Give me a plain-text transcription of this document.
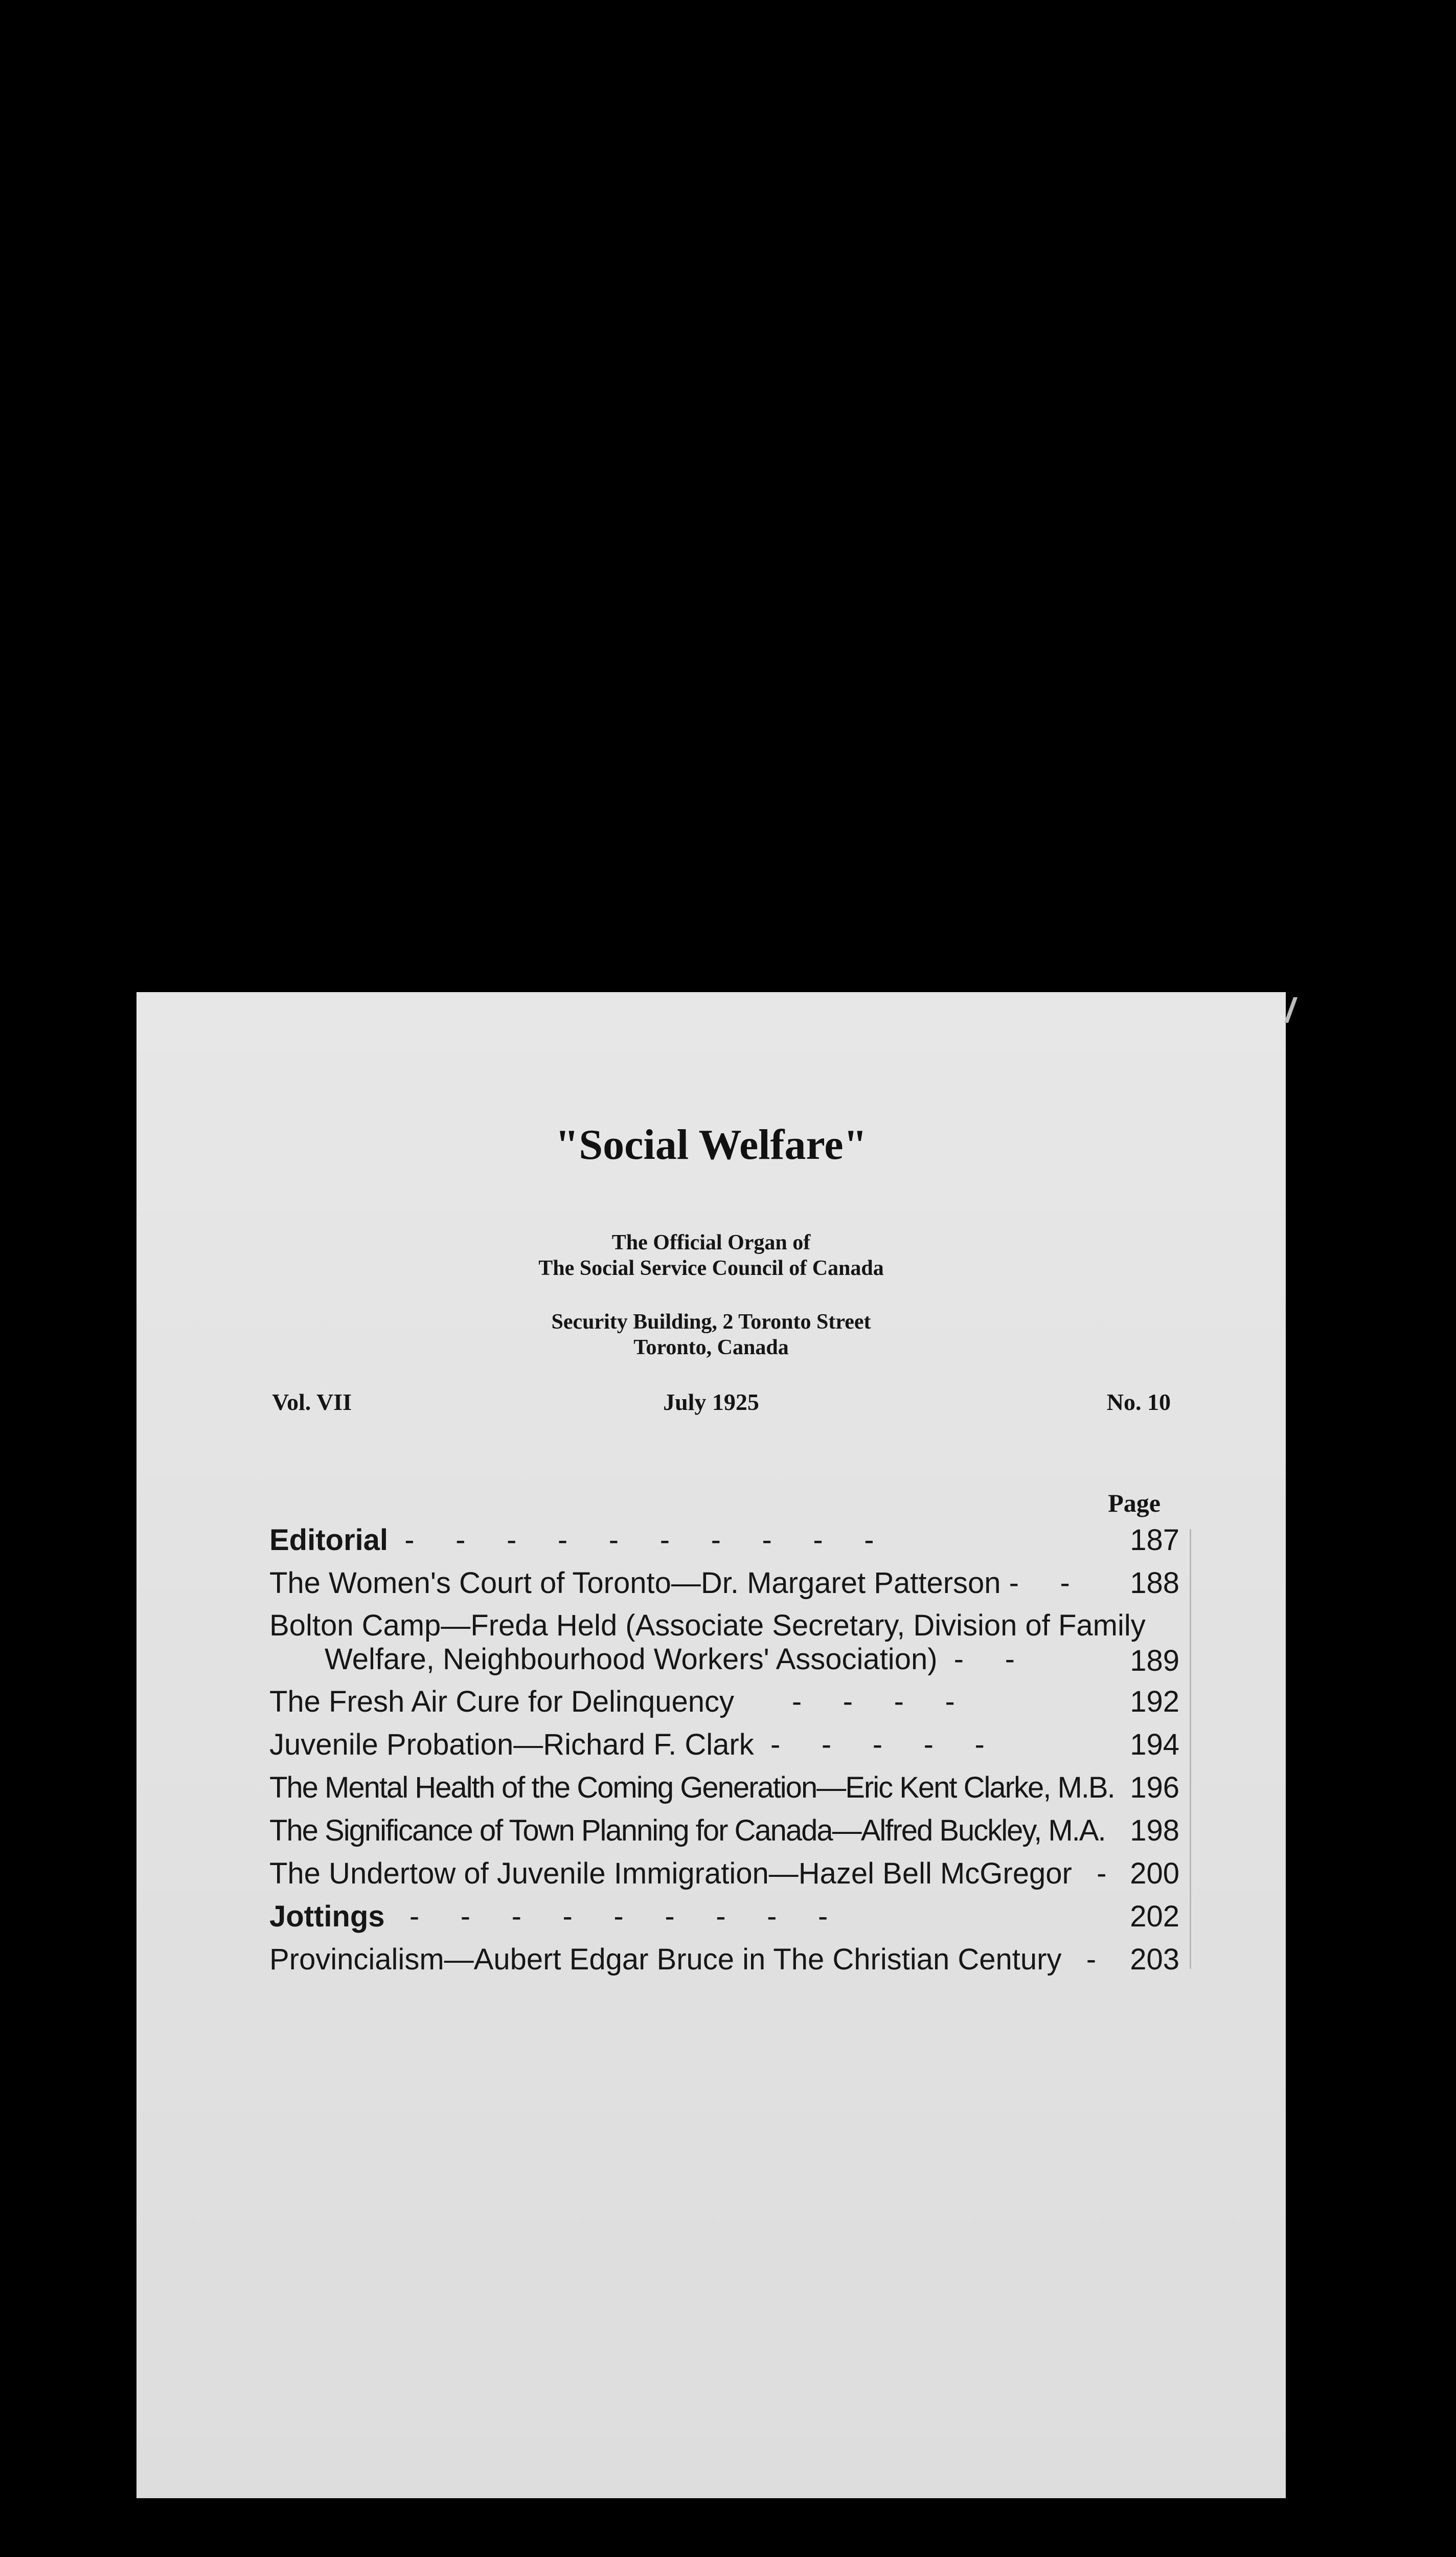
"Social Welfare"
The Official Organ of
The Social Service Council of Canada
Security Building, 2 Toronto Street
Toronto, Canada
Vol. VII	July 1925	No. 10
Page
Editorial  -     -     -     -     -     -     -     -     -     -	187
The Women's Court of Toronto—Dr. Margaret Patterson -     -	188
Bolton Camp—Freda Held (Associate Secretary, Division of Family
Welfare, Neighbourhood Workers' Association)  -     -	189
The Fresh Air Cure for Delinquency       -     -     -     -	192
Juvenile Probation—Richard F. Clark  -     -     -     -     -	194
The Mental Health of the Coming Generation—Eric Kent Clarke, M.B. 196
The Significance of Town Planning for Canada—Alfred Buckley, M.A. 198
The Undertow of Juvenile Immigration—Hazel Bell McGregor   - 200
Jottings   -     -     -     -     -     -     -     -     -	202
Provincialism—Aubert Edgar Bruce in The Christian Century   -	203
